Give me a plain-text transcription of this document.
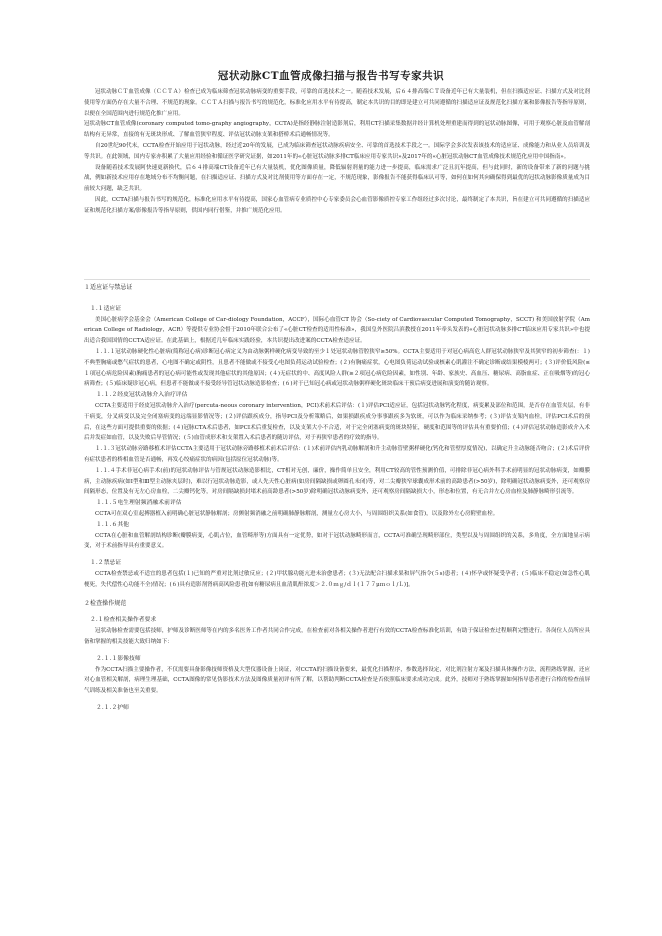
冠状动脉CT血管成像扫描与报告书写专家共识

冠状动脉ＣＴ血管成像（ＣＣＴＡ）检查已成为临床筛查冠状动脉病变的重要手段，可靠的首选技术之一。随着技术发展，后６４排高端ＣＴ设备近年已有大量装机，但在扫描适应证、扫描方式及对比剂使用等方面仍存在大量不合理、不规范的现象。ＣＣＴＡ扫描与报告书写的规范化，标准化应用水平有待提高，制定本共识的目的即是建立可共同遵循的扫描适应证及规范化扫描方案和影像报告等指导原则，以便在全国范围内进行规范化推广应用。

冠状动脉CT血管成像(coronary computed tomo-graphy angiography，CCTA)是指经静脉注射造影剂后，利用CT扫描采集数据并经计算机处理重建而得到的冠状动脉图像，可用于观察心脏及血管解剖结构有无异常，直接的有无斑块形成、了解血管狭窄程度、评估冠状动脉支架和搭桥术后通畅情况等。

自20世纪90代末，CCTA检查开始应用于冠状动脉，经过近20年的发展，已成为临床筛查冠状动脉疾病安全、可靠的首选技术手段之一。国际学会多次发表该技术的适应证、成像能力和从业人员培训及等共识。在此领域，国内专家亦积累了大量应用经验和循证医学研究证据，如2011年的«心脏冠状动脉多排CT临床应用专家共识»及2017年的«心脏冠状动脉CT血管成像技术规范化应用中国指南»。

设备随着技术发展阿快速更新换代，后６４排高端CT设备近年已有大量装机，优化图像质量，降低辐射剂量的能力进一步提高，临床需求广泛且沉年提高，但与此同时，新的设备带来了新的问题与挑战，例如新技术应用存在地域分布不均衡问题，在扫描适应证、扫描方式及对比剂使用等方面存在一定，不规范现象，影像报告不能获得临床认可等，如何在如何其向确保得到最优的冠状动脉影像质量成为目前较大问题，缺乏共识。

因此，CCTA扫描与报告书写的规范化，标准化应用水平有待提高，国家心血管病专业质控中心专家委员会心血管影像质控专家工作组经过多次讨论，最终制定了本共识，旨在建立可共同遵循的扫描适应证和规范化扫描方案/影像报告等指导原则，供国内同行借鉴，并推广规范化应用。

１适应证与禁忌证

１.１适应证

美国心脏病学会基金会（American College of Car-diology Foundation，ACCF），国际心血管CT 协会（So-ciety of Cardiovascular Computed Tomography，SCCT) 和美国放射学院（American College of Radiology，ACR）等提供专业协会督于2010年联合公布了«心脏CT检查的适用性标准»，我国皇外医院吕滨教授在2011年牵头发表的«心脏冠状动脉多排CT临床应用专家共识»中也提出适合我国国情的CCTA适应证。在此基础上，根据近几年临床实践经验，本共识提出改进案的CCTA检查适应证。

１.１.１冠状动脉硬化性心脏病(简称冠心病)诊断冠心病定义为由动脉粥样硬化病变导致的至少１处冠状动脉管腔狭窄≥50%。CCTA主要适用于对冠心病高危人群冠状动脉狭窄及其狭窄的初步筛查(：１)不典型胸痛或憋气症状的患者，心电图不确定或阴性，且患者不能做或不接受心电图负荷运动试验检查；(２)有胸痛症状，心电图负荷运动试验或核素心肌灌注不确定诊断或结果模棱两可；(３)评价低风险(≤１项冠心病危险因素)胸痛患者的冠心病可能性或发现其他症状的其他原因；(４)无症状的中、高度风险人群(≥２项冠心病危险因素，如性别、年龄、家族史、高血压、糖尿病、高脂血症、正在吸烟等)的冠心病筛查；(５)临床疑诊冠心病，但患者不能做或不接受经导管冠状动脉造影检查；(６)对于已知冠心病或冠状动脉粥样硬化斑块临床干预后病变进展和演变的随访观察。

１.１.２经皮冠状动脉介入治疗评估

CCTA主要适用于经皮冠状动脉介入治疗(percuta-neous coronary intervention，PCI)术前术后评估：(１)评估PCI适应证，包括冠状动脉钙化程度，病变累及部位和范围，是否存在血管夹层，有非干病变，分叉病变以及完全闭塞病变的远端显影情况等；(２)评估跟疾成分，指导PCI及分析策略后，如果损跟疾成分事事跟疾多为软斑，可以作为临床采纳参考；(３)评估支架内血栓，评估PCI术后的预后，在这些方面可提供重要的依据；(４)冠脉CTA术后患者，如PCI术后重复检查，以及支架大小不合适，对于完全闭塞病变的斑块特征，硬度和范围等的评估具有重要价值；(４)评估冠状动脉造影成介入术后并发症如血管，以及失败后导管情况；(５)血管成形术和支架置入术后患者的随访评估，对于再狭窄患者的疗效的指导。

１.１.３冠状动脉旁路移植术评估CCTA主要适用于冠状动脉旁路移植术前术后评估：(１)术前评估内乳动脉解剖和升主动脉管壁粥样硬化(钙化和管壁厚度情况)，以确定升主动脉能否吻合；(２)术后评价有症状患者的桥相血管是否通畅，再发心绞痛症状的病因(包括原位冠状动脉)等。

１.１.４手术非冠心病手术(前)的冠状动脉评估与管规冠状动脉造影相比，CT相对无创，廉价，操作简单且安全，利用CT较高的管性预测价值，可排除非冠心病外科手术前明显的冠状动脉病变，如瓣膜病，主动脉疾病(如Ⅰ型和Ⅲ型主动脉夹层时)，难以行冠状动脉造影，或人先天性心脏病(如房间隔缺损或卵圆孔未闭)等，对二尖瓣狭窄球囊成形术前的高龄患者(>50岁)，除明确冠状动脉病变外，还可观察房间隔形态，位置及有无左心房血栓，二尖瓣钙化等，对房间隔缺损封堵术前高龄患者(>50岁)除明确冠状动脉病变外，还可观察房间隔缺损大小，形态和位置，有无合并左心房血栓及肺静脉畸形引流等。

１.１.５电生理射频消融术前评估

CCTA可在双心室起搏器植入前明确心脏冠状静脉解剖；房颤射频消融之前明确肺静脉解剖，测量左心房大小，与周围组织关系(如食管)，以及除外左心房附壁血栓。

１.１.６其他

CCTA在心脏和血管解剖结构诊断(瓣膜病变，心肌占位，血管畸形等)方面具有一定优势，如对于冠状动脉畸形而言，CCTA可准确呈现畸形部位，类型以及与周围组织的关系，多角度，全方面地显示病变，对于术前指导具有重要意义。

１.２禁忌证

CCTA检查禁忌或不适宜的患者包括(１)已知的严重对比剂过敏反应；(２)甲状腺功能亢进未治愈患者；(３)无法配合扫描求果和屏气指令(５s)患者；(４)怀孕或怀疑受孕者；(５)临床不稳定(如急性心肌梗死，失代偿性心功能不全)情况；(６)具有造影剂肾病高风险患者[如有糖尿病且血清肌酐浓度＞２.０ｍｇ/ｄｌ(１７７μｍｏｌ/Ｌ)]。

２检查操作规范

２.１检查相关操作者要求

冠状动脉检查需要包括技师，护师及诊断医师等在内的多名医务工作者共同合作完成，在检查前对各相关操作者进行有效的CCTA检查标准化培训，有助于保证检查过程顺利完整进行。各岗位人员所应具备和掌握的相关技能大致归纳如下：

２.１.１影像技师

作为CCTA扫描主要操作者，不仅需要具备影像技师资格及大型仪器设备上岗证，对CCTA的扫描设备要来，最优化扫描程序，参数选择设定，对比剂注射方案及扫描具体操作方法，流程熟练掌握，还应对心血管相关解剖，病理生理基础，CCTA图像的常见伪影技术方法及图像质量初评有所了解，以帮助判断CCTA检查是否依照临床要求成功完成。此外，技师对于熟练掌握如何指导患者进行合格的检查前屏气训练及相关准备也至关重要。

２.１.２护师
